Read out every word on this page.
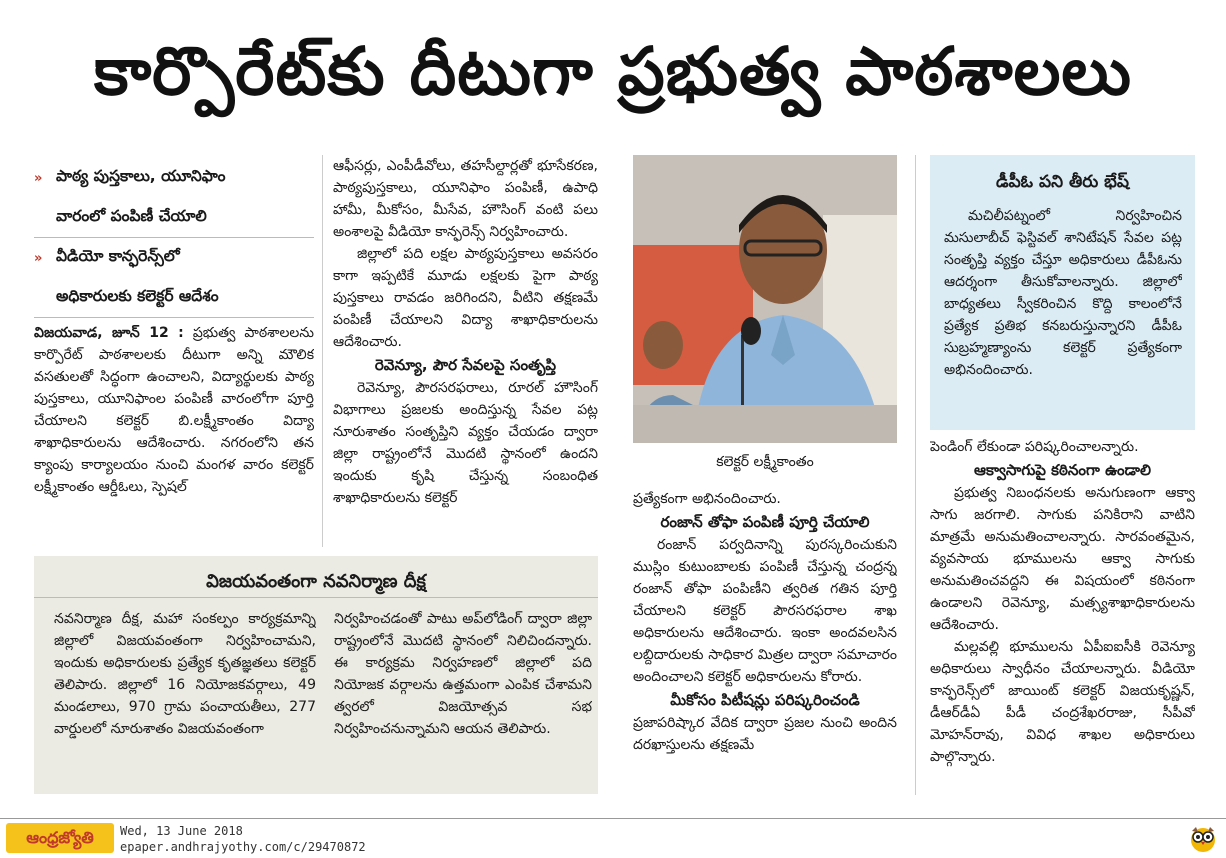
కార్పొరేట్‌కు దీటుగా ప్రభుత్వ పాఠశాలలు
» పాఠ్య పుస్తకాలు, యూనిఫాం
వారంలో పంపిణీ చేయాలి
» వీడియో కాన్ఫరెన్స్‌లో
అధికారులకు కలెక్టర్‌ ఆదేశం

విజయవాడ, జూన్‌ 12 : ప్రభుత్వ పాఠశాలలను కార్పొరేట్‌ పాఠశాలలకు దీటుగా అన్ని మౌలిక వసతులతో సిద్ధంగా ఉంచాలని, విద్యార్థులకు పాఠ్య పుస్తకాలు, యూనిఫాంల పంపిణీ వారంలోగా పూర్తి చేయాలని కలెక్టర్‌ బి.లక్ష్మీకాంతం విద్యా శాఖాధికారులను ఆదేశించారు. నగరంలోని తన క్యాంపు కార్యాలయం నుంచి మంగళ వారం కలెక్టర్‌ లక్ష్మీకాంతం ఆర్డీఓలు, స్పెషల్‌

ఆఫీసర్లు, ఎంపీడీవోలు, తహసీల్దార్లతో భూసేకరణ, పాఠ్యపుస్తకాలు, యూనిఫాం పంపిణీ, ఉపాధి హామీ, మీకోసం, మీసేవ, హౌసింగ్‌ వంటి పలు అంశాలపై వీడియో కాన్ఫరెన్స్‌ నిర్వహించారు.

జిల్లాలో పది లక్షల పాఠ్యపుస్తకాలు అవసరం కాగా ఇప్పటికే మూడు లక్షలకు పైగా పాఠ్య పుస్తకాలు రావడం జరిగిందని, వీటిని తక్షణమే పంపిణీ చేయాలని విద్యా శాఖాధికారులను ఆదేశించారు.

రెవెన్యూ, పౌర సేవలపై సంతృప్తి

రెవెన్యూ, పౌరసరఫరాలు, రూరల్‌ హౌసింగ్‌ విభాగాలు ప్రజలకు అందిస్తున్న సేవల పట్ల నూరుశాతం సంతృప్తిని వ్యక్తం చేయడం ద్వారా జిల్లా రాష్ట్రంలోనే మొదటి స్థానంలో ఉందని ఇందుకు కృషి చేస్తున్న సంబంధిత శాఖాధికారులను కలెక్టర్‌

విజయవంతంగా నవనిర్మాణ దీక్ష
నవనిర్మాణ దీక్ష, మహా సంకల్పం కార్యక్రమాన్ని జిల్లాలో విజయవంతంగా నిర్వహించామని, ఇందుకు అధికారులకు ప్రత్యేక కృతజ్ఞతలు కలెక్టర్‌ తెలిపారు. జిల్లాలో 16 నియోజకవర్గాలు, 49 మండలాలు, 970 గ్రామ పంచాయతీలు, 277 వార్డులలో నూరుశాతం విజయవంతంగా
నిర్వహించడంతో పాటు అప్‌లోడింగ్‌ ద్వారా జిల్లా రాష్ట్రంలోనే మొదటి స్థానంలో నిలిచిందన్నారు. ఈ కార్యక్రమ నిర్వహణలో జిల్లాలో పది నియోజక వర్గాలను ఉత్తమంగా ఎంపిక చేశామని త్వరలో విజయోత్సవ సభ నిర్వహించనున్నామని ఆయన తెలిపారు.
కలెక్టర్‌ లక్ష్మీకాంతం

ప్రత్యేకంగా అభినందించారు.

రంజాన్‌ తోఫా పంపిణీ పూర్తి చేయాలి

రంజాన్‌ పర్వదినాన్ని పురస్కరించుకుని ముస్లిం కుటుంబాలకు పంపిణీ చేస్తున్న చంద్రన్న రంజాన్‌ తోఫా పంపిణీని త్వరిత గతిన పూర్తి చేయాలని కలెక్టర్‌ పౌరసరఫరాల శాఖ అధికారులను ఆదేశించారు. ఇంకా అందవలసిన లబ్దిదారులకు సాధికార మిత్రల ద్వారా సమాచారం అందించాలని కలెక్టర్‌ అధికారులను కోరారు.

మీకోసం పిటీషన్లు పరిష్కరించండి

ప్రజాపరిష్కార వేదిక ద్వారా ప్రజల నుంచి అందిన దరఖాస్తులను తక్షణమే

డీపీఓ పని తీరు భేష్‌
మచిలీపట్నంలో నిర్వహించిన మసులాబీచ్‌ ఫెస్టివల్‌ శానిటేషన్‌ సేవల పట్ల సంతృప్తి వ్యక్తం చేస్తూ అధికారులు డీపీఓను ఆదర్శంగా తీసుకోవాలన్నారు. జిల్లాలో బాధ్యతలు స్వీకరించిన కొద్ది కాలంలోనే ప్రత్యేక ప్రతిభ కనబరుస్తున్నారని డీపీఓ సుబ్రహ్మణ్యాంను కలెక్టర్‌ ప్రత్యేకంగా అభినందించారు.

పెండింగ్‌ లేకుండా పరిష్కరించాలన్నారు.

ఆక్వాసాగుపై కఠినంగా ఉండాలి

ప్రభుత్వ నిబంధనలకు అనుగుణంగా ఆక్వా సాగు జరగాలి. సాగుకు పనికిరాని వాటిని మాత్రమే అనుమతించాలన్నారు. సారవంతమైన, వ్యవసాయ భూములను ఆక్వా సాగుకు అనుమతించవద్దని ఈ విషయంలో కఠినంగా ఉండాలని రెవెన్యూ, మత్స్యశాఖాధికారులను ఆదేశించారు.

మల్లవల్లి భూములను ఏపీఐఐసీకి రెవెన్యూ అధికారులు స్వాధీనం చేయాలన్నారు. వీడియో కాన్ఫరెన్స్‌లో జాయింట్‌ కలెక్టర్‌ విజయకృష్ణన్‌, డీఆర్‌డీఏ పీడీ చంద్రశేఖరరాజు, సీపీవో మోహన్‌రావు, వివిధ శాఖల అధికారులు పాల్గొన్నారు.

ఆంధ్రజ్యోతి	Wed, 13 June 2018
epaper.andhrajyothy.com/c/29470872
